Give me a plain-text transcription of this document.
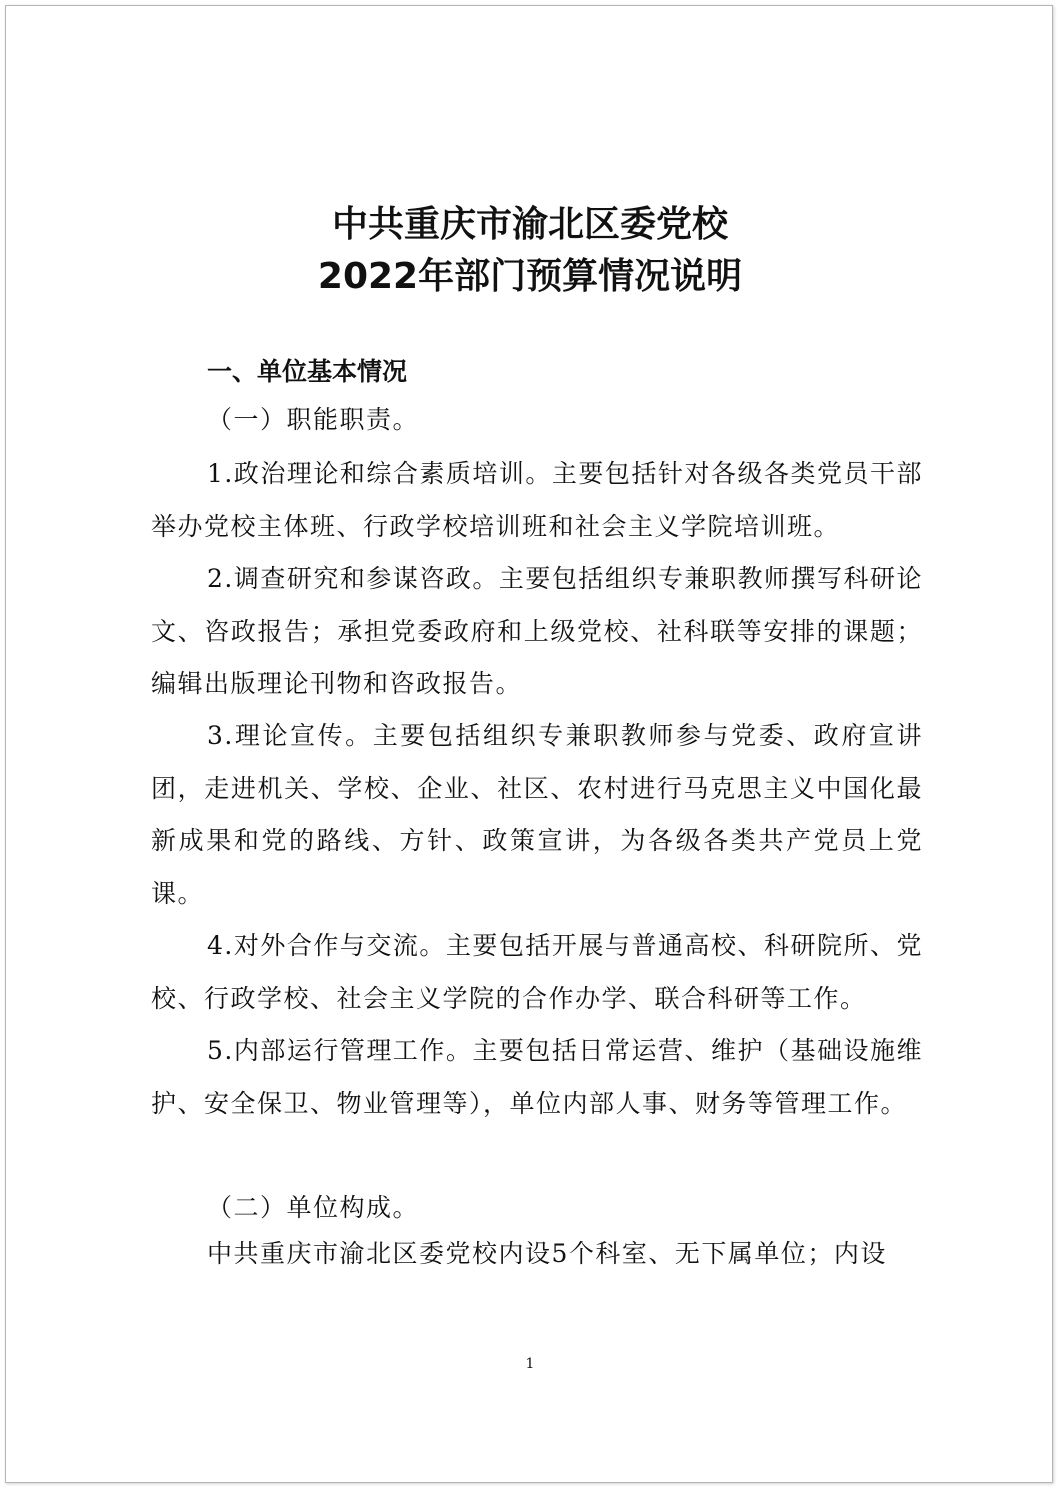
中共重庆市渝北区委党校
2022年部门预算情况说明
一、单位基本情况
（一）职能职责。

1.政治理论和综合素质培训。主要包括针对各级各类党员干部举办党校主体班、行政学校培训班和社会主义学院培训班。

2.调查研究和参谋咨政。主要包括组织专兼职教师撰写科研论文、咨政报告；承担党委政府和上级党校、社科联等安排的课题；编辑出版理论刊物和咨政报告。

3.理论宣传。主要包括组织专兼职教师参与党委、政府宣讲团，走进机关、学校、企业、社区、农村进行马克思主义中国化最新成果和党的路线、方针、政策宣讲，为各级各类共产党员上党课。

4.对外合作与交流。主要包括开展与普通高校、科研院所、党校、行政学校、社会主义学院的合作办学、联合科研等工作。

5.内部运行管理工作。主要包括日常运营、维护（基础设施维护、安全保卫、物业管理等），单位内部人事、财务等管理工作。

（二）单位构成。

中共重庆市渝北区委党校内设5个科室、无下属单位；内设

1
